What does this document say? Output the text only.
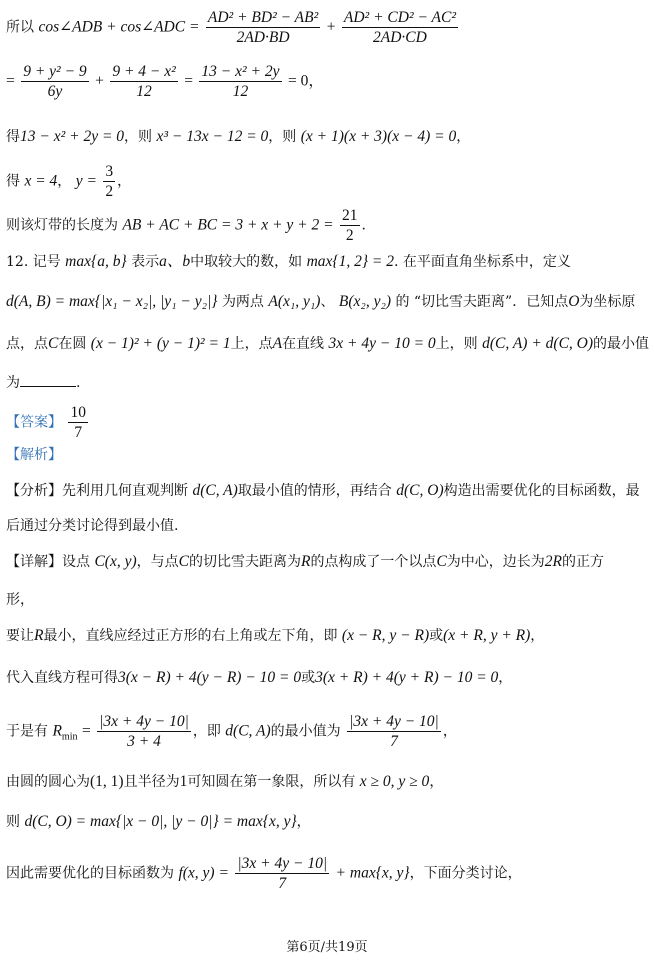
所以 cos∠ADB + cos∠ADC = $\frac{\text{AD² + BD² − AB²}}{2AD\cdot BD} + \frac{\text{AD² + CD² − AC²}}{2AD\cdot CD}$
= $\frac{\text{9 + y² − 9}}{6y} + \frac{\text{9 + 4 − x²}}{12} = \frac{\text{13 − x² + 2y}}{12} = 0$，
得13 − x² + 2y = 0，则 x³ − 13x − 12 = 0，则 (x + 1)(x + 3)(x − 4) = 0，
得 x = 4， $y = \frac{3}{2}$ ，
则该灯带的长度为 AB + AC + BC = $3 + x + y + 2 = \frac{21}{2}$ .
12. 记号 max{a, b} 表示a、b中取较大的数，如 max{1, 2} = 2. 在平面直角坐标系中，定义
d(A, B) = max{|x₁ − x₂|, |y₁ − y₂|} 为两点 A(x₁, y₁)、 B(x₂, y₂) 的 “切比雪夫距离”．已知点O为坐标原
点，点C在圆 (x − 1)² + (y − 1)² = 1上，点A在直线 3x + 4y − 10 = 0上，则 d(C, A) + d(C, O)的最小值
为	.
【答案】 $\frac{10}{7}$
【解析】
【分析】先利用几何直观判断 d(C, A)取最小值的情形，再结合 d(C, O)构造出需要优化的目标函数，最
后通过分类讨论得到最小值.
【详解】设点 C(x, y)，与点C的切比雪夫距离为R的点构成了一个以点C为中心，边长为2R的正方
形，
要让R最小，直线应经过正方形的右上角或左下角，即 (x − R, y − R)或(x + R, y + R)，
代入直线方程可得3(x − R) + 4(y − R) − 10 = 0或3(x + R) + 4(y + R) − 10 = 0，
于是有 $R_{min} = \frac{|3x + 4y - 10|}{3 + 4}$ ，即 d(C, A)的最小值为 $\frac{|3x + 4y - 10|}{7}$ ，
由圆的圆心为(1, 1)且半径为1可知圆在第一象限，所以有 x ≥ 0, y ≥ 0，
则 d(C, O) = max{|x − 0|, |y − 0|} = max{x, y}，
因此需要优化的目标函数为 f(x, $y) = \frac{|3x + 4y - 10|}{7} + \max\{x$, y}，下面分类讨论，
第6页/共19页
